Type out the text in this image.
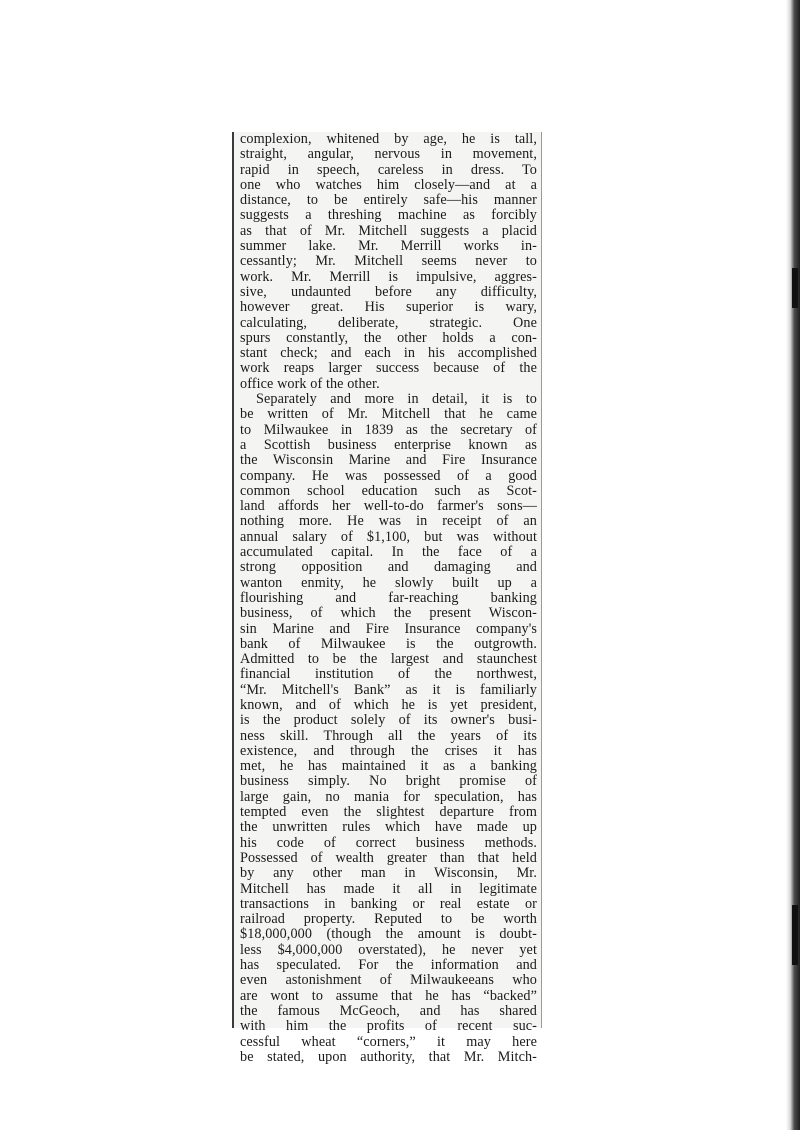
complexion, whitened by age, he is tall,
straight, angular, nervous in movement,
rapid in speech, careless in dress. To
one who watches him closely—and at a
distance, to be entirely safe—his manner
suggests a threshing machine as forcibly
as that of Mr. Mitchell suggests a placid
summer lake. Mr. Merrill works in-
cessantly; Mr. Mitchell seems never to
work. Mr. Merrill is impulsive, aggres-
sive, undaunted before any difficulty,
however great. His superior is wary,
calculating, deliberate, strategic. One
spurs constantly, the other holds a con-
stant check; and each in his accomplished
work reaps larger success because of the
office work of the other.
Separately and more in detail, it is to
be written of Mr. Mitchell that he came
to Milwaukee in 1839 as the secretary of
a Scottish business enterprise known as
the Wisconsin Marine and Fire Insurance
company. He was possessed of a good
common school education such as Scot-
land affords her well-to-do farmer's sons—
nothing more. He was in receipt of an
annual salary of $1,100, but was without
accumulated capital. In the face of a
strong opposition and damaging and
wanton enmity, he slowly built up a
flourishing and far-reaching banking
business, of which the present Wiscon-
sin Marine and Fire Insurance company's
bank of Milwaukee is the outgrowth.
Admitted to be the largest and staunchest
financial institution of the northwest,
“Mr. Mitchell's Bank” as it is familiarly
known, and of which he is yet president,
is the product solely of its owner's busi-
ness skill. Through all the years of its
existence, and through the crises it has
met, he has maintained it as a banking
business simply. No bright promise of
large gain, no mania for speculation, has
tempted even the slightest departure from
the unwritten rules which have made up
his code of correct business methods.
Possessed of wealth greater than that held
by any other man in Wisconsin, Mr.
Mitchell has made it all in legitimate
transactions in banking or real estate or
railroad property. Reputed to be worth
$18,000,000 (though the amount is doubt-
less $4,000,000 overstated), he never yet
has speculated. For the information and
even astonishment of Milwaukeeans who
are wont to assume that he has “backed”
the famous McGeoch, and has shared
with him the profits of recent suc-
cessful wheat “corners,” it may here
be stated, upon authority, that Mr. Mitch-
